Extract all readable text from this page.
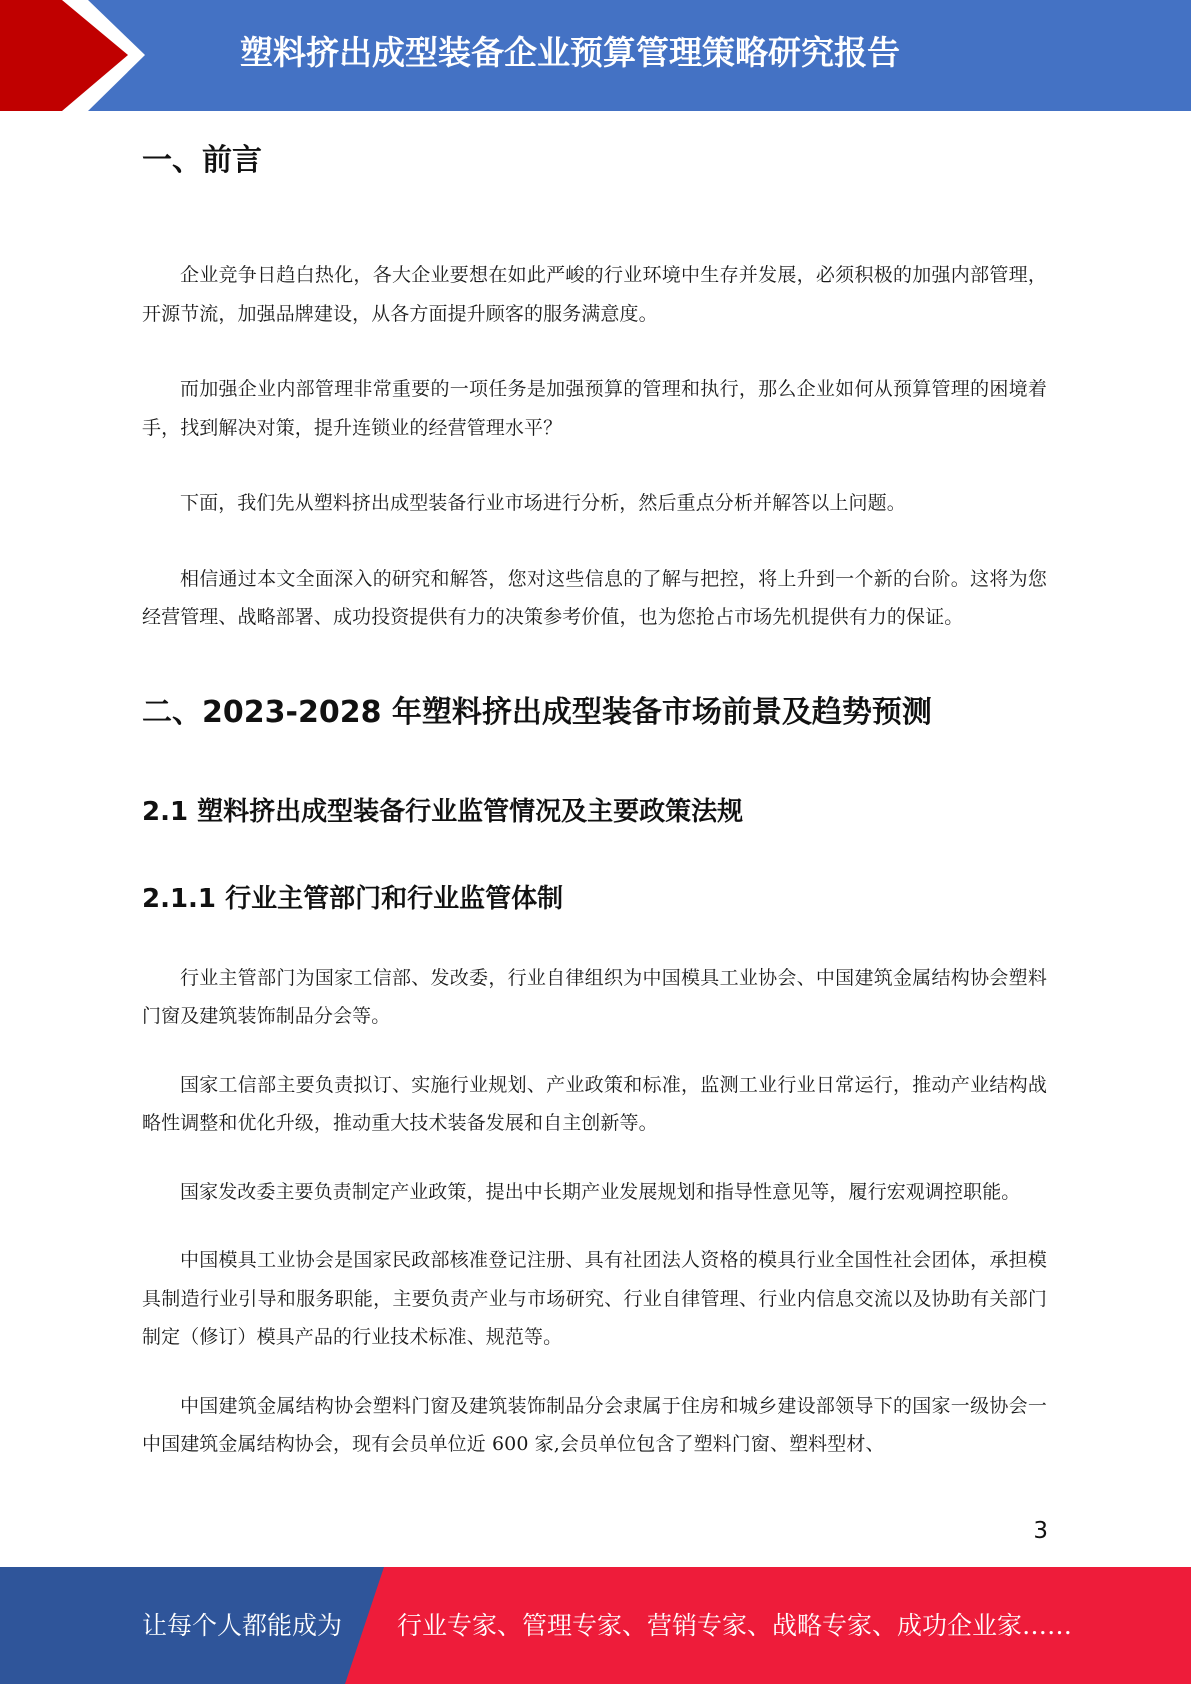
塑料挤出成型装备企业预算管理策略研究报告
一、前言

企业竞争日趋白热化，各大企业要想在如此严峻的行业环境中生存并发展，必须积极的加强内部管理，开源节流，加强品牌建设，从各方面提升顾客的服务满意度。

而加强企业内部管理非常重要的一项任务是加强预算的管理和执行，那么企业如何从预算管理的困境着手，找到解决对策，提升连锁业的经营管理水平？

下面，我们先从塑料挤出成型装备行业市场进行分析，然后重点分析并解答以上问题。

相信通过本文全面深入的研究和解答，您对这些信息的了解与把控，将上升到一个新的台阶。这将为您经营管理、战略部署、成功投资提供有力的决策参考价值，也为您抢占市场先机提供有力的保证。

二、2023-2028 年塑料挤出成型装备市场前景及趋势预测
2.1 塑料挤出成型装备行业监管情况及主要政策法规
2.1.1 行业主管部门和行业监管体制

行业主管部门为国家工信部、发改委，行业自律组织为中国模具工业协会、中国建筑金属结构协会塑料门窗及建筑装饰制品分会等。

国家工信部主要负责拟订、实施行业规划、产业政策和标准，监测工业行业日常运行，推动产业结构战略性调整和优化升级，推动重大技术装备发展和自主创新等。

国家发改委主要负责制定产业政策，提出中长期产业发展规划和指导性意见等，履行宏观调控职能。

中国模具工业协会是国家民政部核准登记注册、具有社团法人资格的模具行业全国性社会团体，承担模具制造行业引导和服务职能，主要负责产业与市场研究、行业自律管理、行业内信息交流以及协助有关部门制定（修订）模具产品的行业技术标准、规范等。

中国建筑金属结构协会塑料门窗及建筑装饰制品分会隶属于住房和城乡建设部领导下的国家一级协会一中国建筑金属结构协会，现有会员单位近 600 家,会员单位包含了塑料门窗、塑料型材、

3
让每个人都能成为 行业专家、管理专家、营销专家、战略专家、成功企业家……
